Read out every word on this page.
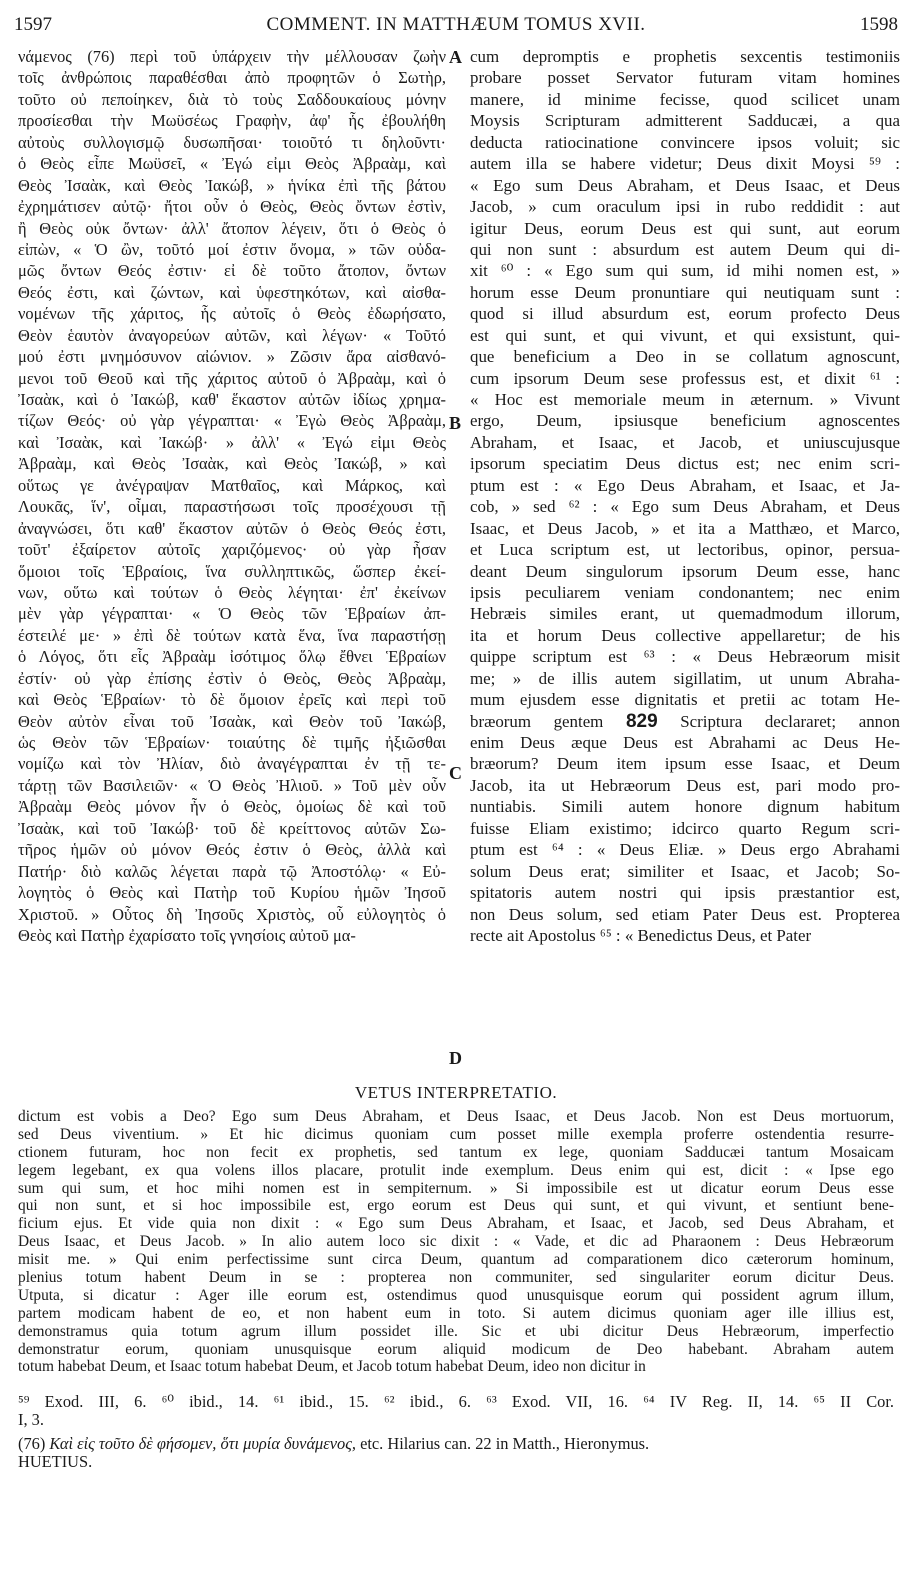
1597	COMMENT. IN MATTHÆUM TOMUS XVII.	1598
νάμενος (76) περὶ τοῦ ὑπάρχειν τὴν μέλλουσαν ζωὴν
τοῖς ἀνθρώποις παραθέσθαι ἀπὸ προφητῶν ὁ Σωτὴρ,
τοῦτο οὐ πεποίηκεν, διὰ τὸ τοὺς Σαδδουκαίους μόνην
προσίεσθαι τὴν Μωϋσέως Γραφὴν, ἀφ' ἧς ἐβουλήθη
αὐτοὺς συλλογισμῷ δυσωπῆσαι· τοιοῦτό τι δηλοῦντι·
ὁ Θεὸς εἶπε Μωϋσεῖ, « Ἐγώ εἰμι Θεὸς Ἀβραὰμ, καὶ
Θεὸς Ἰσαὰκ, καὶ Θεὸς Ἰακώβ, » ἡνίκα ἐπὶ τῆς βάτου
ἐχρημάτισεν αὐτῷ· ἤτοι οὖν ὁ Θεὸς, Θεὸς ὄντων ἐστὶν,
ἢ Θεὸς οὐκ ὄντων· ἀλλ' ἄτοπον λέγειν, ὅτι ὁ Θεὸς ὁ
εἰπὼν, « Ὁ ὢν, τοῦτό μοί ἐστιν ὄνομα, » τῶν οὐδα-
μῶς ὄντων Θεός ἐστιν· εἰ δὲ τοῦτο ἄτοπον, ὄντων
Θεός ἐστι, καὶ ζώντων, καὶ ὑφεστηκότων, καὶ αἰσθα-
νομένων τῆς χάριτος, ἧς αὐτοῖς ὁ Θεὸς ἐδωρήσατο,
Θεὸν ἑαυτὸν ἀναγορεύων αὐτῶν, καὶ λέγων· « Τοῦτό
μού ἐστι μνημόσυνον αἰώνιον. » Ζῶσιν ἄρα αἰσθανό-
μενοι τοῦ Θεοῦ καὶ τῆς χάριτος αὐτοῦ ὁ Ἀβραὰμ, καὶ ὁ
Ἰσαὰκ, καὶ ὁ Ἰακώβ, καθ' ἕκαστον αὐτῶν ἰδίως χρημα-
τίζων Θεός· οὐ γὰρ γέγραπται· « Ἐγὼ Θεὸς Ἀβραὰμ,
καὶ Ἰσαὰκ, καὶ Ἰακώβ· » ἀλλ' « Ἐγώ εἰμι Θεὸς
Ἀβραὰμ, καὶ Θεὸς Ἰσαὰκ, καὶ Θεὸς Ἰακώβ, » καὶ
οὕτως γε ἀνέγραψαν Ματθαῖος, καὶ Μάρκος, καὶ
Λουκᾶς, ἵν', οἶμαι, παραστήσωσι τοῖς προσέχουσι τῇ
ἀναγνώσει, ὅτι καθ' ἕκαστον αὐτῶν ὁ Θεὸς Θεός ἐστι,
τοῦτ' ἐξαίρετον αὐτοῖς χαριζόμενος· οὐ γὰρ ἦσαν
ὅμοιοι τοῖς Ἑβραίοις, ἵνα συλληπτικῶς, ὥσπερ ἐκεί-
νων, οὕτω καὶ τούτων ὁ Θεὸς λέγηται· ἐπ' ἐκείνων
μὲν γὰρ γέγραπται· « Ὁ Θεὸς τῶν Ἑβραίων ἀπ-
έστειλέ με· » ἐπὶ δὲ τούτων κατὰ ἕνα, ἵνα παραστήσῃ
ὁ Λόγος, ὅτι εἷς Ἀβραὰμ ἰσότιμος ὅλῳ ἔθνει Ἑβραίων
ἐστίν· οὐ γὰρ ἐπίσης ἐστὶν ὁ Θεὸς, Θεὸς Ἀβραὰμ,
καὶ Θεὸς Ἑβραίων· τὸ δὲ ὅμοιον ἐρεῖς καὶ περὶ τοῦ
Θεὸν αὐτὸν εἶναι τοῦ Ἰσαὰκ, καὶ Θεὸν τοῦ Ἰακώβ,
ὡς Θεὸν τῶν Ἑβραίων· τοιαύτης δὲ τιμῆς ἠξιῶσθαι
νομίζω καὶ τὸν Ἠλίαν, διὸ ἀναγέγραπται ἐν τῇ τε-
τάρτῃ τῶν Βασιλειῶν· « Ὁ Θεὸς Ἠλιοῦ. » Τοῦ μὲν οὖν
Ἀβραὰμ Θεὸς μόνον ἦν ὁ Θεὸς, ὁμοίως δὲ καὶ τοῦ
Ἰσαὰκ, καὶ τοῦ Ἰακώβ· τοῦ δὲ κρείττονος αὐτῶν Σω-
τῆρος ἡμῶν οὐ μόνον Θεός ἐστιν ὁ Θεὸς, ἀλλὰ καὶ
Πατήρ· διὸ καλῶς λέγεται παρὰ τῷ Ἀποστόλῳ· « Εὐ-
λογητὸς ὁ Θεὸς καὶ Πατὴρ τοῦ Κυρίου ἡμῶν Ἰησοῦ
Χριστοῦ. » Οὗτος δὴ Ἰησοῦς Χριστὸς, οὗ εὐλογητὸς ὁ
Θεὸς καὶ Πατὴρ ἐχαρίσατο τοῖς γνησίοις αὐτοῦ μα-
cum depromptis e prophetis sexcentis testimoniis
probare posset Servator futuram vitam homines
manere, id minime fecisse, quod scilicet unam
Moysis Scripturam admitterent Sadducæi, a qua
deducta ratiocinatione convincere ipsos voluit; sic
autem illa se habere videtur; Deus dixit Moysi ⁵⁹ :
« Ego sum Deus Abraham, et Deus Isaac, et Deus
Jacob, » cum oraculum ipsi in rubo reddidit : aut
igitur Deus, eorum Deus est qui sunt, aut eorum
qui non sunt : absurdum est autem Deum qui di-
xit ⁶⁰ : « Ego sum qui sum, id mihi nomen est, »
horum esse Deum pronuntiare qui neutiquam sunt :
quod si illud absurdum est, eorum profecto Deus
est qui sunt, et qui vivunt, et qui exsistunt, qui-
que beneficium a Deo in se collatum agnoscunt,
cum ipsorum Deum sese professus est, et dixit ⁶¹ :
« Hoc est memoriale meum in æternum. » Vivunt
ergo, Deum, ipsiusque beneficium agnoscentes
Abraham, et Isaac, et Jacob, et uniuscujusque
ipsorum speciatim Deus dictus est; nec enim scri-
ptum est : « Ego Deus Abraham, et Isaac, et Ja-
cob, » sed ⁶² : « Ego sum Deus Abraham, et Deus
Isaac, et Deus Jacob, » et ita a Matthæo, et Marco,
et Luca scriptum est, ut lectoribus, opinor, persua-
deant Deum singulorum ipsorum Deum esse, hanc
ipsis peculiarem veniam condonantem; nec enim
Hebræis similes erant, ut quemadmodum illorum,
ita et horum Deus collective appellaretur; de his
quippe scriptum est ⁶³ : « Deus Hebræorum misit
me; » de illis autem sigillatim, ut unum Abraha-
mum ejusdem esse dignitatis et pretii ac totam He-
bræorum gentem 829 Scriptura declararet; annon
enim Deus æque Deus est Abrahami ac Deus He-
bræorum? Deum item ipsum esse Isaac, et Deum
Jacob, ita ut Hebræorum Deus est, pari modo pro-
nuntiabis. Simili autem honore dignum habitum
fuisse Eliam existimo; idcirco quarto Regum scri-
ptum est ⁶⁴ : « Deus Eliæ. » Deus ergo Abrahami
solum Deus erat; similiter et Isaac, et Jacob; So-
spitatoris autem nostri qui ipsis præstantior est,
non Deus solum, sed etiam Pater Deus est. Propterea
recte ait Apostolus ⁶⁵ : « Benedictus Deus, et Pater
A
B
C
D
VETUS INTERPRETATIO.
dictum est vobis a Deo? Ego sum Deus Abraham, et Deus Isaac, et Deus Jacob. Non est Deus mortuorum,
sed Deus viventium. » Et hic dicimus quoniam cum posset mille exempla proferre ostendentia resurre-
ctionem futuram, hoc non fecit ex prophetis, sed tantum ex lege, quoniam Sadducæi tantum Mosaicam
legem legebant, ex qua volens illos placare, protulit inde exemplum. Deus enim qui est, dicit : « Ipse ego
sum qui sum, et hoc mihi nomen est in sempiternum. » Si impossibile est ut dicatur eorum Deus esse
qui non sunt, et si hoc impossibile est, ergo eorum est Deus qui sunt, et qui vivunt, et sentiunt bene-
ficium ejus. Et vide quia non dixit : « Ego sum Deus Abraham, et Isaac, et Jacob, sed Deus Abraham, et
Deus Isaac, et Deus Jacob. » In alio autem loco sic dixit : « Vade, et dic ad Pharaonem : Deus Hebræorum
misit me. » Qui enim perfectissime sunt circa Deum, quantum ad comparationem dico cæterorum hominum,
plenius totum habent Deum in se : propterea non communiter, sed singulariter eorum dicitur Deus.
Utputa, si dicatur : Ager ille eorum est, ostendimus quod unusquisque eorum qui possident agrum illum,
partem modicam habent de eo, et non habent eum in toto. Si autem dicimus quoniam ager ille illius est,
demonstramus quia totum agrum illum possidet ille. Sic et ubi dicitur Deus Hebræorum, imperfectio
demonstratur eorum, quoniam unusquisque eorum aliquid modicum de Deo habebant. Abraham autem
totum habebat Deum, et Isaac totum habebat Deum, et Jacob totum habebat Deum, ideo non dicitur in
⁵⁹ Exod. III, 6. ⁶⁰ ibid., 14. ⁶¹ ibid., 15. ⁶² ibid., 6. ⁶³ Exod. VII, 16. ⁶⁴ IV Reg. II, 14. ⁶⁵ II Cor.
I, 3.
(76) Καὶ εἰς τοῦτο δὲ φήσομεν, ὅτι μυρία δυνάμενος, etc. Hilarius can. 22 in Matth., Hieronymus.
HUETIUS.
